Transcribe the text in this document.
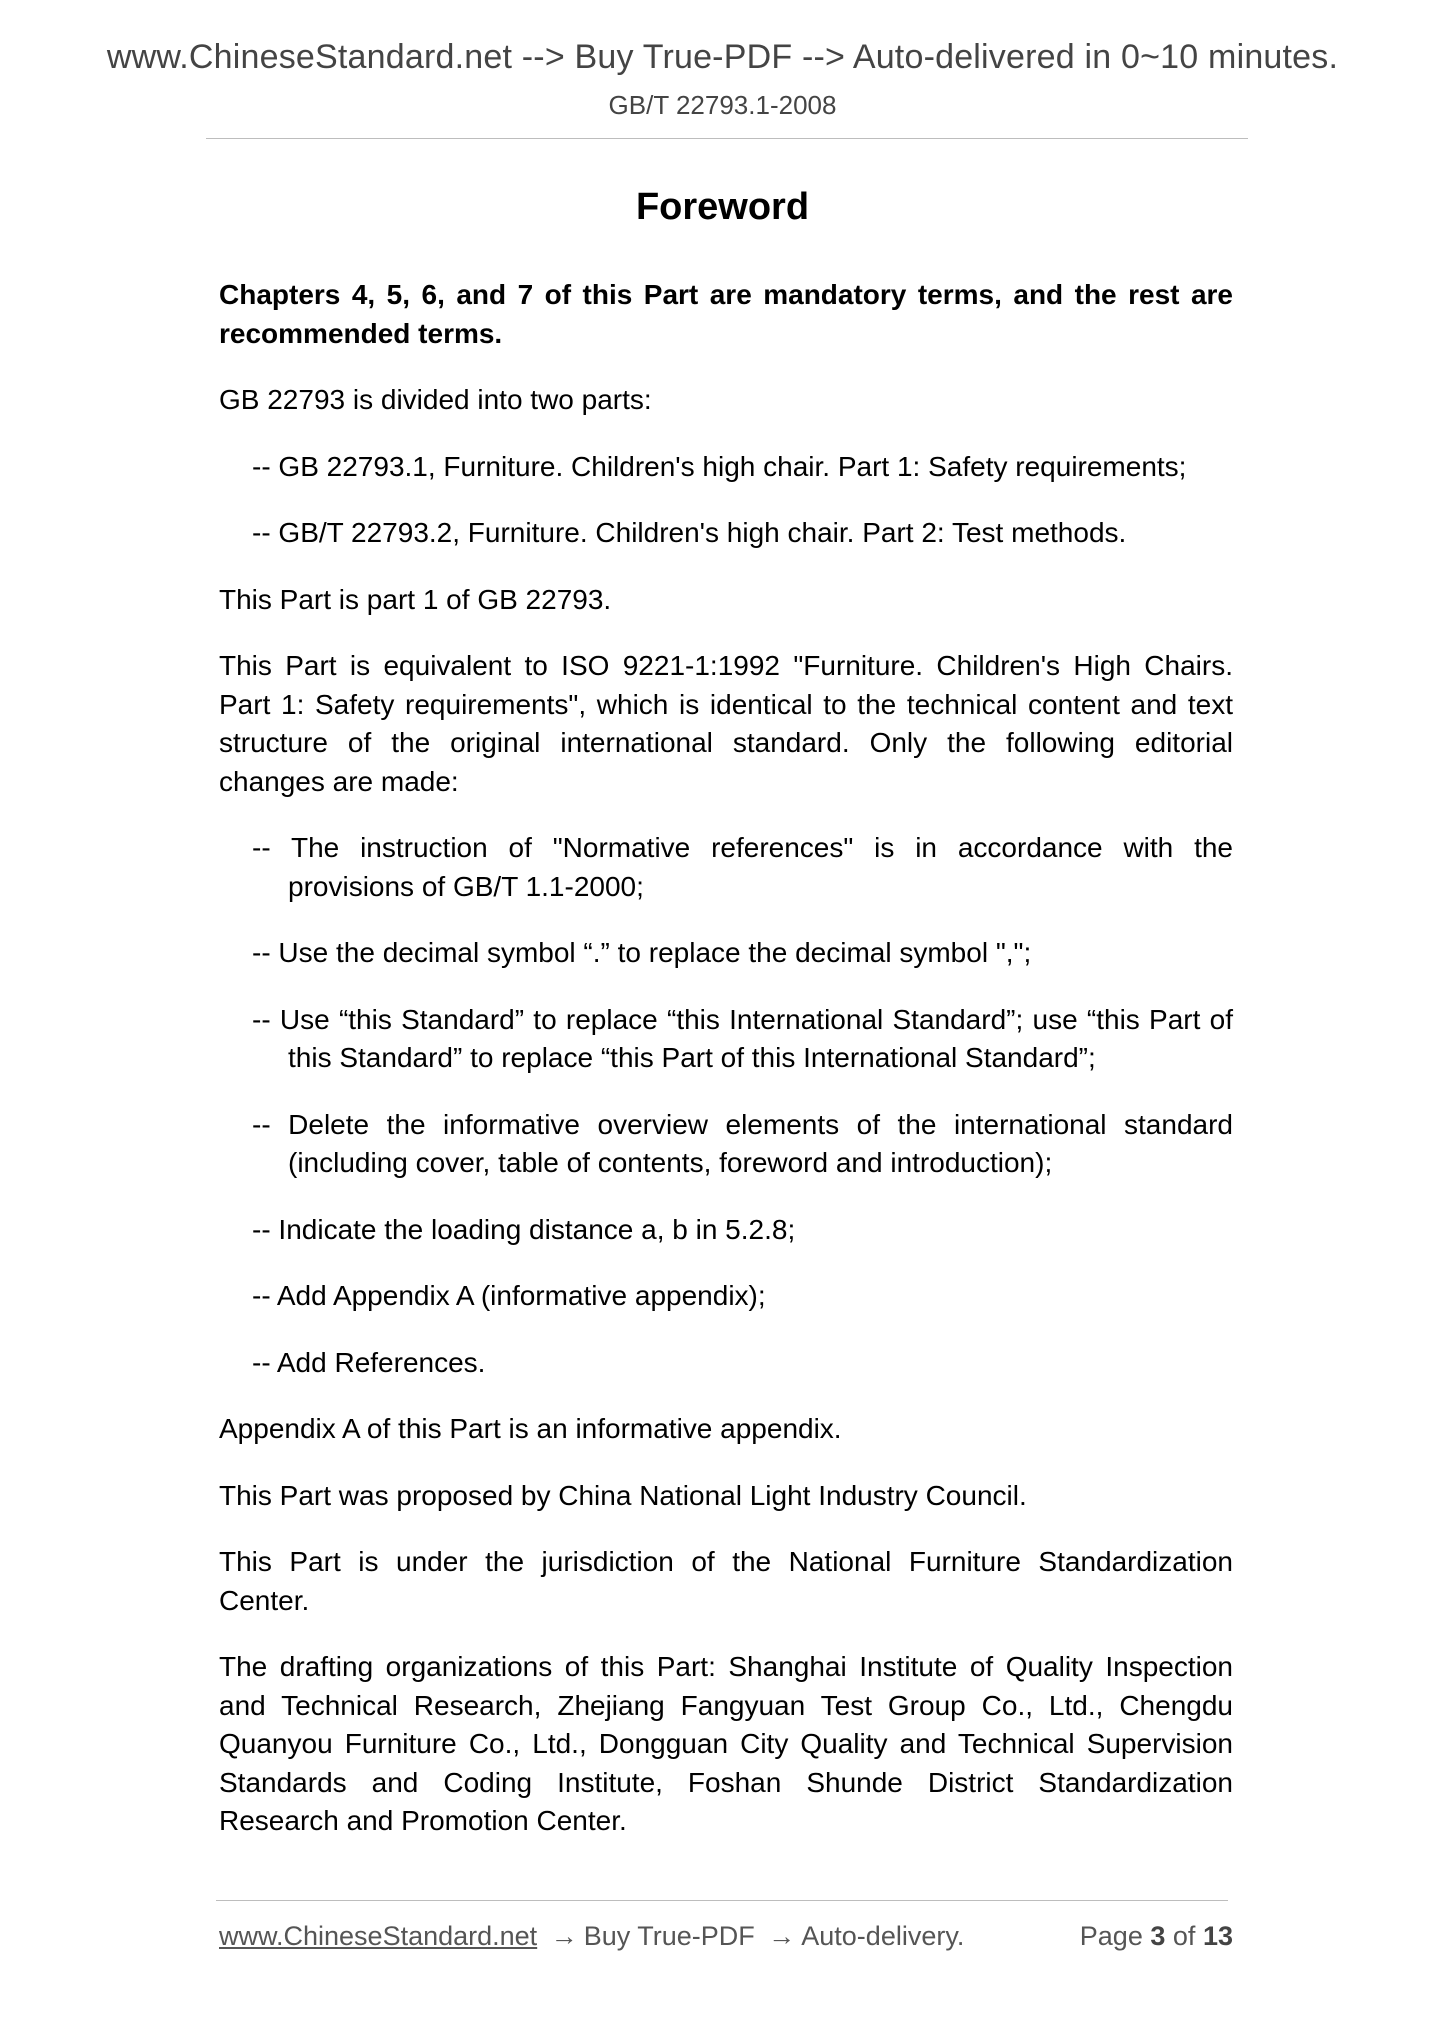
www.ChineseStandard.net --> Buy True-PDF --> Auto-delivered in 0~10 minutes.
GB/T 22793.1-2008
Foreword

Chapters 4, 5, 6, and 7 of this Part are mandatory terms, and the rest are recommended terms.

GB 22793 is divided into two parts:

-- GB 22793.1, Furniture. Children's high chair. Part 1: Safety requirements;

-- GB/T 22793.2, Furniture. Children's high chair. Part 2: Test methods.

This Part is part 1 of GB 22793.

This Part is equivalent to ISO 9221-1:1992 "Furniture. Children's High Chairs. Part 1: Safety requirements", which is identical to the technical content and text structure of the original international standard. Only the following editorial changes are made:

-- The instruction of "Normative references" is in accordance with the provisions of GB/T 1.1-2000;

-- Use the decimal symbol “.” to replace the decimal symbol ",";

-- Use “this Standard” to replace “this International Standard”; use “this Part of this Standard” to replace “this Part of this International Standard”;

-- Delete the informative overview elements of the international standard (including cover, table of contents, foreword and introduction);

-- Indicate the loading distance a, b in 5.2.8;

-- Add Appendix A (informative appendix);

-- Add References.

Appendix A of this Part is an informative appendix.

This Part was proposed by China National Light Industry Council.

This Part is under the jurisdiction of the National Furniture Standardization Center.

The drafting organizations of this Part: Shanghai Institute of Quality Inspection and Technical Research, Zhejiang Fangyuan Test Group Co., Ltd., Chengdu Quanyou Furniture Co., Ltd., Dongguan City Quality and Technical Supervision Standards and Coding Institute, Foshan Shunde District Standardization Research and Promotion Center.

www.ChineseStandard.net → Buy True-PDF → Auto-delivery.	Page 3 of 13
